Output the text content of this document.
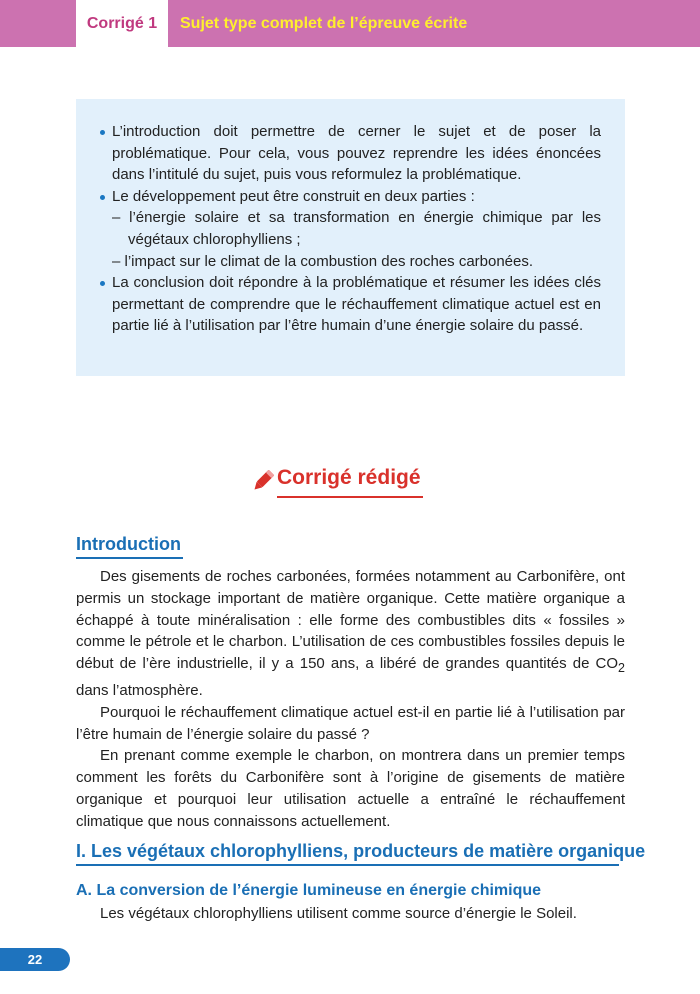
Corrigé 1	Sujet type complet de l’épreuve écrite
L’introduction doit permettre de cerner le sujet et de poser la problématique. Pour cela, vous pouvez reprendre les idées énoncées dans l’intitulé du sujet, puis vous reformulez la problématique.
Le développement peut être construit en deux parties :
– l’énergie solaire et sa transformation en énergie chimique par les végétaux chlorophylliens ;
– l’impact sur le climat de la combustion des roches carbonées.
La conclusion doit répondre à la problématique et résumer les idées clés permettant de comprendre que le réchauffement climatique actuel est en partie lié à l’utilisation par l’être humain d’une énergie solaire du passé.
Corrigé rédigé
Introduction

Des gisements de roches carbonées, formées notamment au Carbonifère, ont permis un stockage important de matière organique. Cette matière organique a échappé à toute minéralisation : elle forme des combustibles dits « fossiles » comme le pétrole et le charbon. L’utilisation de ces combustibles fossiles depuis le début de l’ère industrielle, il y a 150 ans, a libéré de grandes quantités de $CO_2$ dans l’atmosphère.

Pourquoi le réchauffement climatique actuel est-il en partie lié à l’utilisation par l’être humain de l’énergie solaire du passé ?

En prenant comme exemple le charbon, on montrera dans un premier temps comment les forêts du Carbonifère sont à l’origine de gisements de matière organique et pourquoi leur utilisation actuelle a entraîné le réchauffement climatique que nous connaissons actuellement.

I. Les végétaux chlorophylliens, producteurs de matière organique
A. La conversion de l’énergie lumineuse en énergie chimique
Les végétaux chlorophylliens utilisent comme source d’énergie le Soleil.
22
